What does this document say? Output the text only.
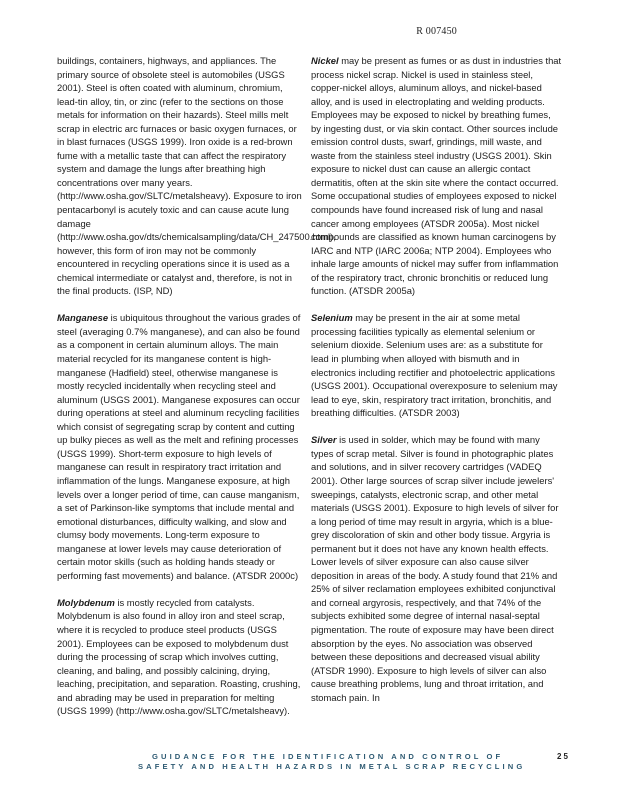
R 007450

buildings, containers, highways, and appliances. The primary source of obsolete steel is automobiles (USGS 2001). Steel is often coated with aluminum, chromium, lead-tin alloy, tin, or zinc (refer to the sections on those metals for information on their hazards). Steel mills melt scrap in electric arc furnaces or basic oxygen furnaces, or in blast furnaces (USGS 1999). Iron oxide is a red-brown fume with a metallic taste that can affect the respiratory system and damage the lungs after breathing high concentrations over many years. (http://www.osha.gov/SLTC/metalsheavy). Exposure to iron pentacarbonyl is acutely toxic and can cause acute lung damage (http://www.osha.gov/dts/chemicalsampling/data/CH_247500.html), however, this form of iron may not be commonly encountered in recycling operations since it is used as a chemical intermediate or catalyst and, therefore, is not in the final products. (ISP, ND)

Manganese is ubiquitous throughout the various grades of steel (averaging 0.7% manganese), and can also be found as a component in certain aluminum alloys. The main material recycled for its manganese content is high-manganese (Hadfield) steel, otherwise manganese is mostly recycled incidentally when recycling steel and aluminum (USGS 2001). Manganese exposures can occur during operations at steel and aluminum recycling facilities which consist of segregating scrap by content and cutting up bulky pieces as well as the melt and refining processes (USGS 1999). Short-term exposure to high levels of manganese can result in respiratory tract irritation and inflammation of the lungs. Manganese exposure, at high levels over a longer period of time, can cause manganism, a set of Parkinson-like symptoms that include mental and emotional disturbances, difficulty walking, and slow and clumsy body movements. Long-term exposure to manganese at lower levels may cause deterioration of certain motor skills (such as holding hands steady or performing fast movements) and balance. (ATSDR 2000c)

Molybdenum is mostly recycled from catalysts. Molybdenum is also found in alloy iron and steel scrap, where it is recycled to produce steel products (USGS 2001). Employees can be exposed to molybdenum dust during the processing of scrap which involves cutting, cleaning, and baling, and possibly calcining, drying, leaching, precipitation, and separation. Roasting, crushing, and abrading may be used in preparation for melting (USGS 1999) (http://www.osha.gov/SLTC/metalsheavy).

Nickel may be present as fumes or as dust in industries that process nickel scrap. Nickel is used in stainless steel, copper-nickel alloys, aluminum alloys, and nickel-based alloy, and is used in electroplating and welding products. Employees may be exposed to nickel by breathing fumes, by ingesting dust, or via skin contact. Other sources include emission control dusts, swarf, grindings, mill waste, and waste from the stainless steel industry (USGS 2001). Skin exposure to nickel dust can cause an allergic contact dermatitis, often at the skin site where the contact occurred. Some occupational studies of employees exposed to nickel compounds have found increased risk of lung and nasal cancer among employees (ATSDR 2005a). Most nickel compounds are classified as known human carcinogens by IARC and NTP (IARC 2006a; NTP 2004). Employees who inhale large amounts of nickel may suffer from inflammation of the respiratory tract, chronic bronchitis or reduced lung function. (ATSDR 2005a)

Selenium may be present in the air at some metal processing facilities typically as elemental selenium or selenium dioxide. Selenium uses are: as a substitute for lead in plumbing when alloyed with bismuth and in electronics including rectifier and photoelectric applications (USGS 2001). Occupational overexposure to selenium may lead to eye, skin, respiratory tract irritation, bronchitis, and breathing difficulties. (ATSDR 2003)

Silver is used in solder, which may be found with many types of scrap metal. Silver is found in photographic plates and solutions, and in silver recovery cartridges (VADEQ 2001). Other large sources of scrap silver include jewelers' sweepings, catalysts, electronic scrap, and other metal materials (USGS 2001). Exposure to high levels of silver for a long period of time may result in argyria, which is a blue-grey discoloration of skin and other body tissue. Argyria is permanent but it does not have any known health effects. Lower levels of silver exposure can also cause silver deposition in areas of the body. A study found that 21% and 25% of silver reclamation employees exhibited conjunctival and corneal argyrosis, respectively, and that 74% of the subjects exhibited some degree of internal nasal-septal pigmentation. The route of exposure may have been direct absorption by the eyes. No association was observed between these depositions and decreased visual ability (ATSDR 1990). Exposure to high levels of silver can also cause breathing problems, lung and throat irritation, and stomach pain. In

GUIDANCE FOR THE IDENTIFICATION AND CONTROL OF
SAFETY AND HEALTH HAZARDS IN METAL SCRAP RECYCLING
25
